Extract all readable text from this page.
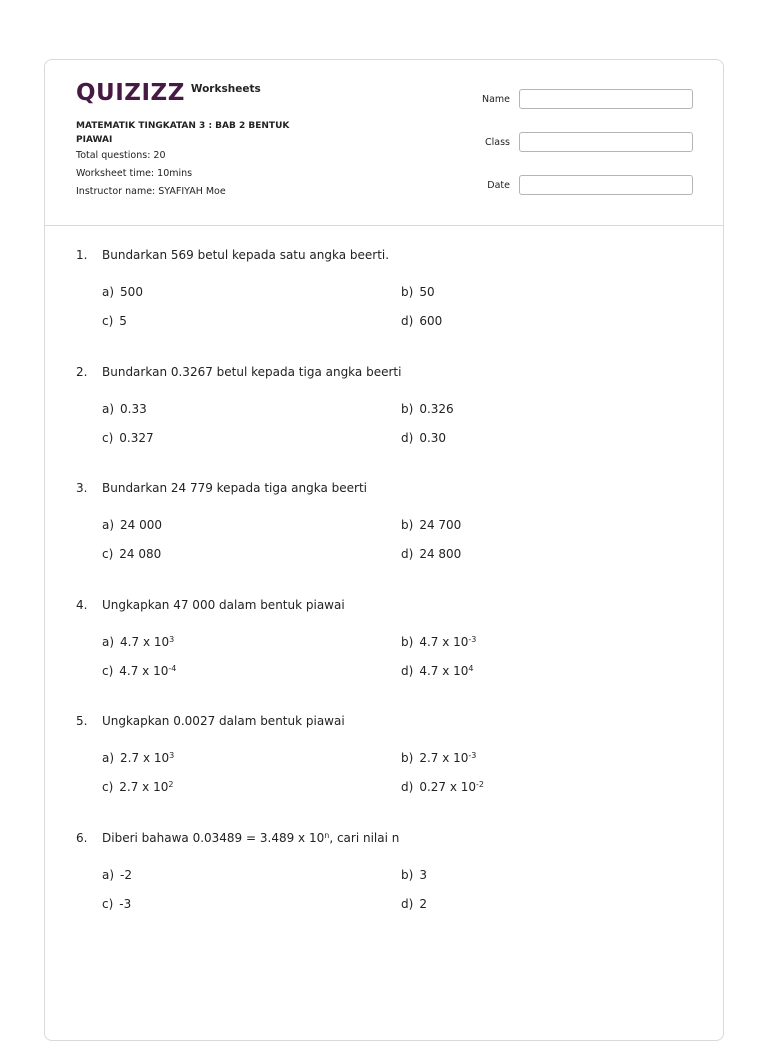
QUIZIZZ Worksheets
MATEMATIK TINGKATAN 3 : BAB 2 BENTUK PIAWAI
Total questions: 20
Worksheet time: 10mins
Instructor name: SYAFIYAH Moe
Name
Class
Date
1. Bundarkan 569 betul kepada satu angka beerti.
a) 500	b) 50
c) 5	d) 600
2. Bundarkan 0.3267 betul kepada tiga angka beerti
a) 0.33	b) 0.326
c) 0.327	d) 0.30
3. Bundarkan 24 779 kepada tiga angka beerti
a) 24 000	b) 24 700
c) 24 080	d) 24 800
4. Ungkapkan 47 000 dalam bentuk piawai
a) 4.7 x $10^3$	b) 4.7 x $10^{-3}$
c) 4.7 x $10^{-4}$	d) 4.7 x $10^4$
5. Ungkapkan 0.0027 dalam bentuk piawai
a) 2.7 x $10^3$	b) 2.7 x $10^{-3}$
c) 2.7 x $10^2$	d) 0.27 x $10^{-2}$
6. Diberi bahawa 0.03489 = 3.489 x 10$^n$, cari nilai n
a) -2	b) 3
c) -3	d) 2
